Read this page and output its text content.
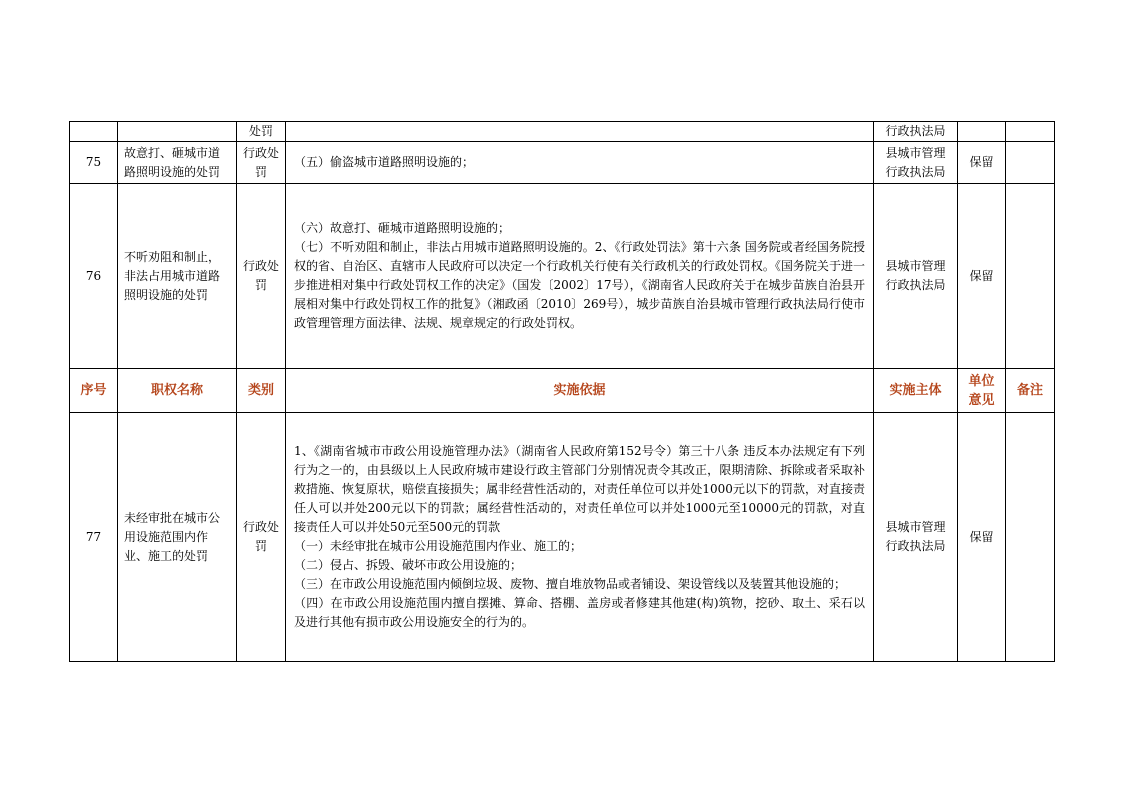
		处罚		行政执法局		
75	故意打、砸城市道路照明设施的处罚	行政处罚	（五）偷盗城市道路照明设施的；	县城市管理行政执法局	保留	
76	不听劝阻和制止，非法占用城市道路照明设施的处罚	行政处罚	（六）故意打、砸城市道路照明设施的；

（七）不听劝阻和制止，非法占用城市道路照明设施的。2、《行政处罚法》第十六条 国务院或者经国务院授权的省、自治区、直辖市人民政府可以决定一个行政机关行使有关行政机关的行政处罚权。《国务院关于进一步推进相对集中行政处罚权工作的决定》（国发〔2002〕17号），《湖南省人民政府关于在城步苗族自治县开展相对集中行政处罚权工作的批复》（湘政函〔2010〕269号），城步苗族自治县城市管理行政执法局行使市政管理管理方面法律、法规、规章规定的行政处罚权。	县城市管理行政执法局	保留	
序号	职权名称	类别	实施依据	实施主体	单位意见	备注
77	未经审批在城市公用设施范围内作业、施工的处罚	行政处罚	1、《湖南省城市市政公用设施管理办法》（湖南省人民政府第152号令）第三十八条 违反本办法规定有下列行为之一的，由县级以上人民政府城市建设行政主管部门分别情况责令其改正，限期清除、拆除或者采取补救措施、恢复原状，赔偿直接损失；属非经营性活动的，对责任单位可以并处1000元以下的罚款，对直接责任人可以并处200元以下的罚款；属经营性活动的，对责任单位可以并处1000元至10000元的罚款，对直接责任人可以并处50元至500元的罚款

（一）未经审批在城市公用设施范围内作业、施工的；

（二）侵占、拆毁、破坏市政公用设施的；

（三）在市政公用设施范围内倾倒垃圾、废物、擅自堆放物品或者铺设、架设管线以及装置其他设施的；

（四）在市政公用设施范围内擅自摆摊、算命、搭棚、盖房或者修建其他建(构)筑物，挖砂、取土、采石以及进行其他有损市政公用设施安全的行为的。	县城市管理行政执法局	保留	
